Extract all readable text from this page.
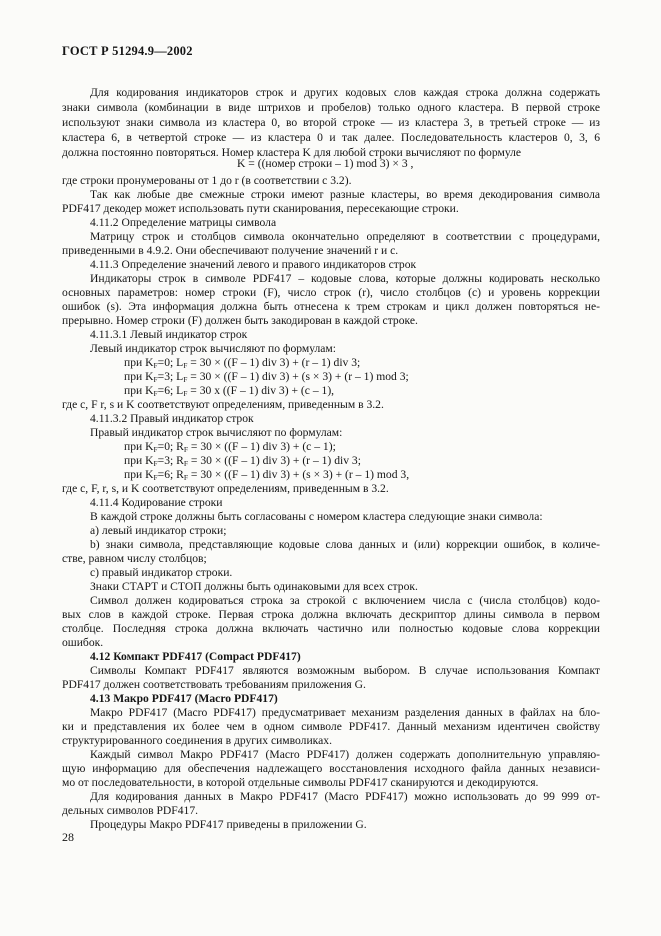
ГОСТ Р 51294.9—2002
Для кодирования индикаторов строк и других кодовых слов каждая строка должна содержать
знаки символа (комбинации в виде штрихов и пробелов) только одного кластера. В первой строке
используют знаки символа из кластера 0, во второй строке — из кластера 3, в третьей строке — из
кластера 6, в четвертой строке — из кластера 0 и так далее. Последовательность кластеров 0, 3, 6
должна постоянно повторяться. Номер кластера K для любой строки вычисляют по формуле
K = ((номер строки – 1) mod 3) × 3 ,
где строки пронумерованы от 1 до r (в соответствии с 3.2).
Так как любые две смежные строки имеют разные кластеры, во время декодирования символа
PDF417 декодер может использовать пути сканирования, пересекающие строки.
4.11.2 Определение матрицы символа
Матрицу строк и столбцов символа окончательно определяют в соответствии с процедурами,
приведенными в 4.9.2. Они обеспечивают получение значений r и c.
4.11.3 Определение значений левого и правого индикаторов строк
Индикаторы строк в символе PDF417 – кодовые слова, которые должны кодировать несколько
основных параметров: номер строки (F), число строк (r), число столбцов (c) и уровень коррекции
ошибок (s). Эта информация должна быть отнесена к трем строкам и цикл должен повторяться не-
прерывно. Номер строки (F) должен быть закодирован в каждой строке.
4.11.3.1 Левый индикатор строк
Левый индикатор строк вычисляют по формулам:
при $K_F=0$; $L_F = 30 \times ((F - 1)$ div 3) + (r – 1) div 3;
при $K_F=3$; $L_F = 30 \times ((F - 1)$ div 3) + (s × 3) + (r – 1) mod 3;
при $K_F=6$; $L_F = 30$ x ((F – 1) div 3) + (c – 1),
где c, F r, s и K соответствуют определениям, приведенным в 3.2.
4.11.3.2 Правый индикатор строк
Правый индикатор строк вычисляют по формулам:
при $K_F=0$; $R_F = 30 \times ((F - 1)$ div 3) + (c – 1);
при $K_F=3$; $R_F = 30 \times ((F - 1)$ div 3) + (r – 1) div 3;
при $K_F=6$; $R_F = 30 \times ((F - 1)$ div 3) + (s × 3) + (r – 1) mod 3,
где c, F, r, s, и K соответствуют определениям, приведенным в 3.2.
4.11.4 Кодирование строки
В каждой строке должны быть согласованы с номером кластера следующие знаки символа:
a) левый индикатор строки;
b) знаки символа, представляющие кодовые слова данных и (или) коррекции ошибок, в количе-
стве, равном числу столбцов;
c) правый индикатор строки.
Знаки СТАРТ и СТОП должны быть одинаковыми для всех строк.
Символ должен кодироваться строка за строкой с включением числа c (числа столбцов) кодо-
вых слов в каждой строке. Первая строка должна включать дескриптор длины символа в первом
столбце. Последняя строка должна включать частично или полностью кодовые слова коррекции
ошибок.
4.12 Компакт PDF417 (Compact PDF417)
Символы Компакт PDF417 являются возможным выбором. В случае использования Компакт
PDF417 должен соответствовать требованиям приложения G.
4.13 Макро PDF417 (Macro PDF417)
Макро PDF417 (Macro PDF417) предусматривает механизм разделения данных в файлах на бло-
ки и представления их более чем в одном символе PDF417. Данный механизм идентичен свойству
структурированного соединения в других символиках.
Каждый символ Макро PDF417 (Macro PDF417) должен содержать дополнительную управляю-
щую информацию для обеспечения надлежащего восстановления исходного файла данных независи-
мо от последовательности, в которой отдельные символы PDF417 сканируются и декодируются.
Для кодирования данных в Макро PDF417 (Macro PDF417) можно использовать до 99 999 от-
дельных символов PDF417.
Процедуры Макро PDF417 приведены в приложении G.
28
